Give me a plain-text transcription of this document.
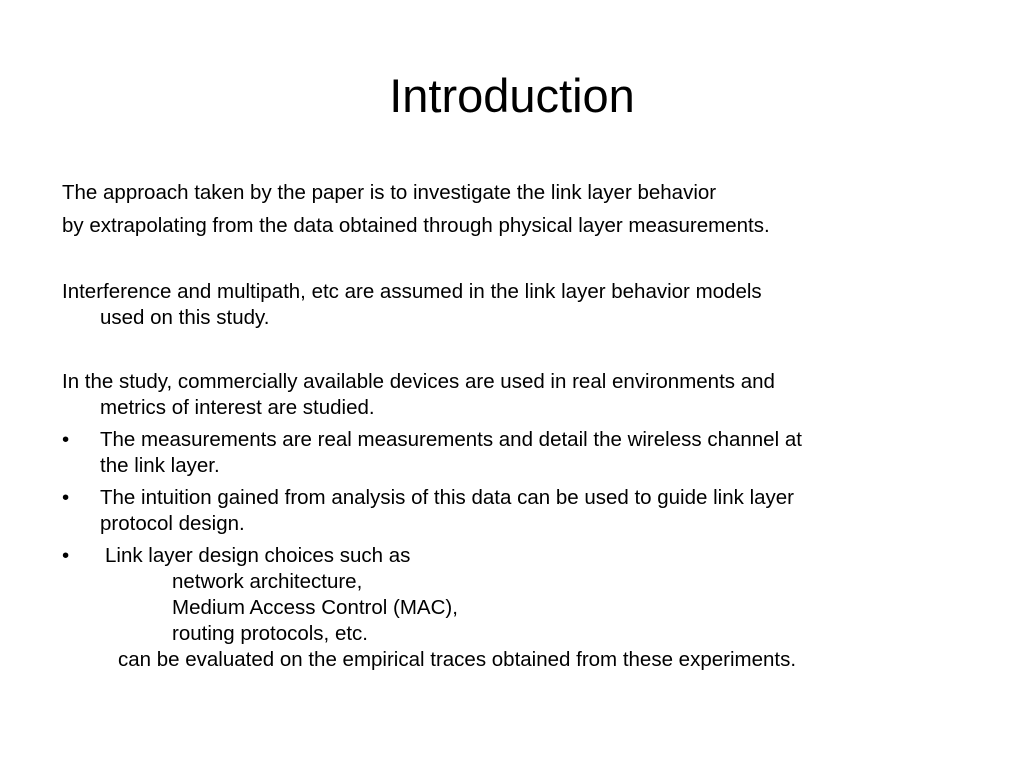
Introduction
The approach taken by the paper is to investigate the link layer behavior
by extrapolating from the data obtained through physical layer measurements.
Interference and multipath, etc are assumed in the link layer behavior models
used on this study.
In the study, commercially available devices are used in real environments and
metrics of interest are studied.
• The measurements are real measurements and detail the wireless channel at
the link layer.
• The intuition gained from analysis of this data can be used to guide link layer
protocol design.
• Link layer design choices such as
network architecture,
Medium Access Control (MAC),
routing protocols, etc.
can be evaluated on the empirical traces obtained from these experiments.
